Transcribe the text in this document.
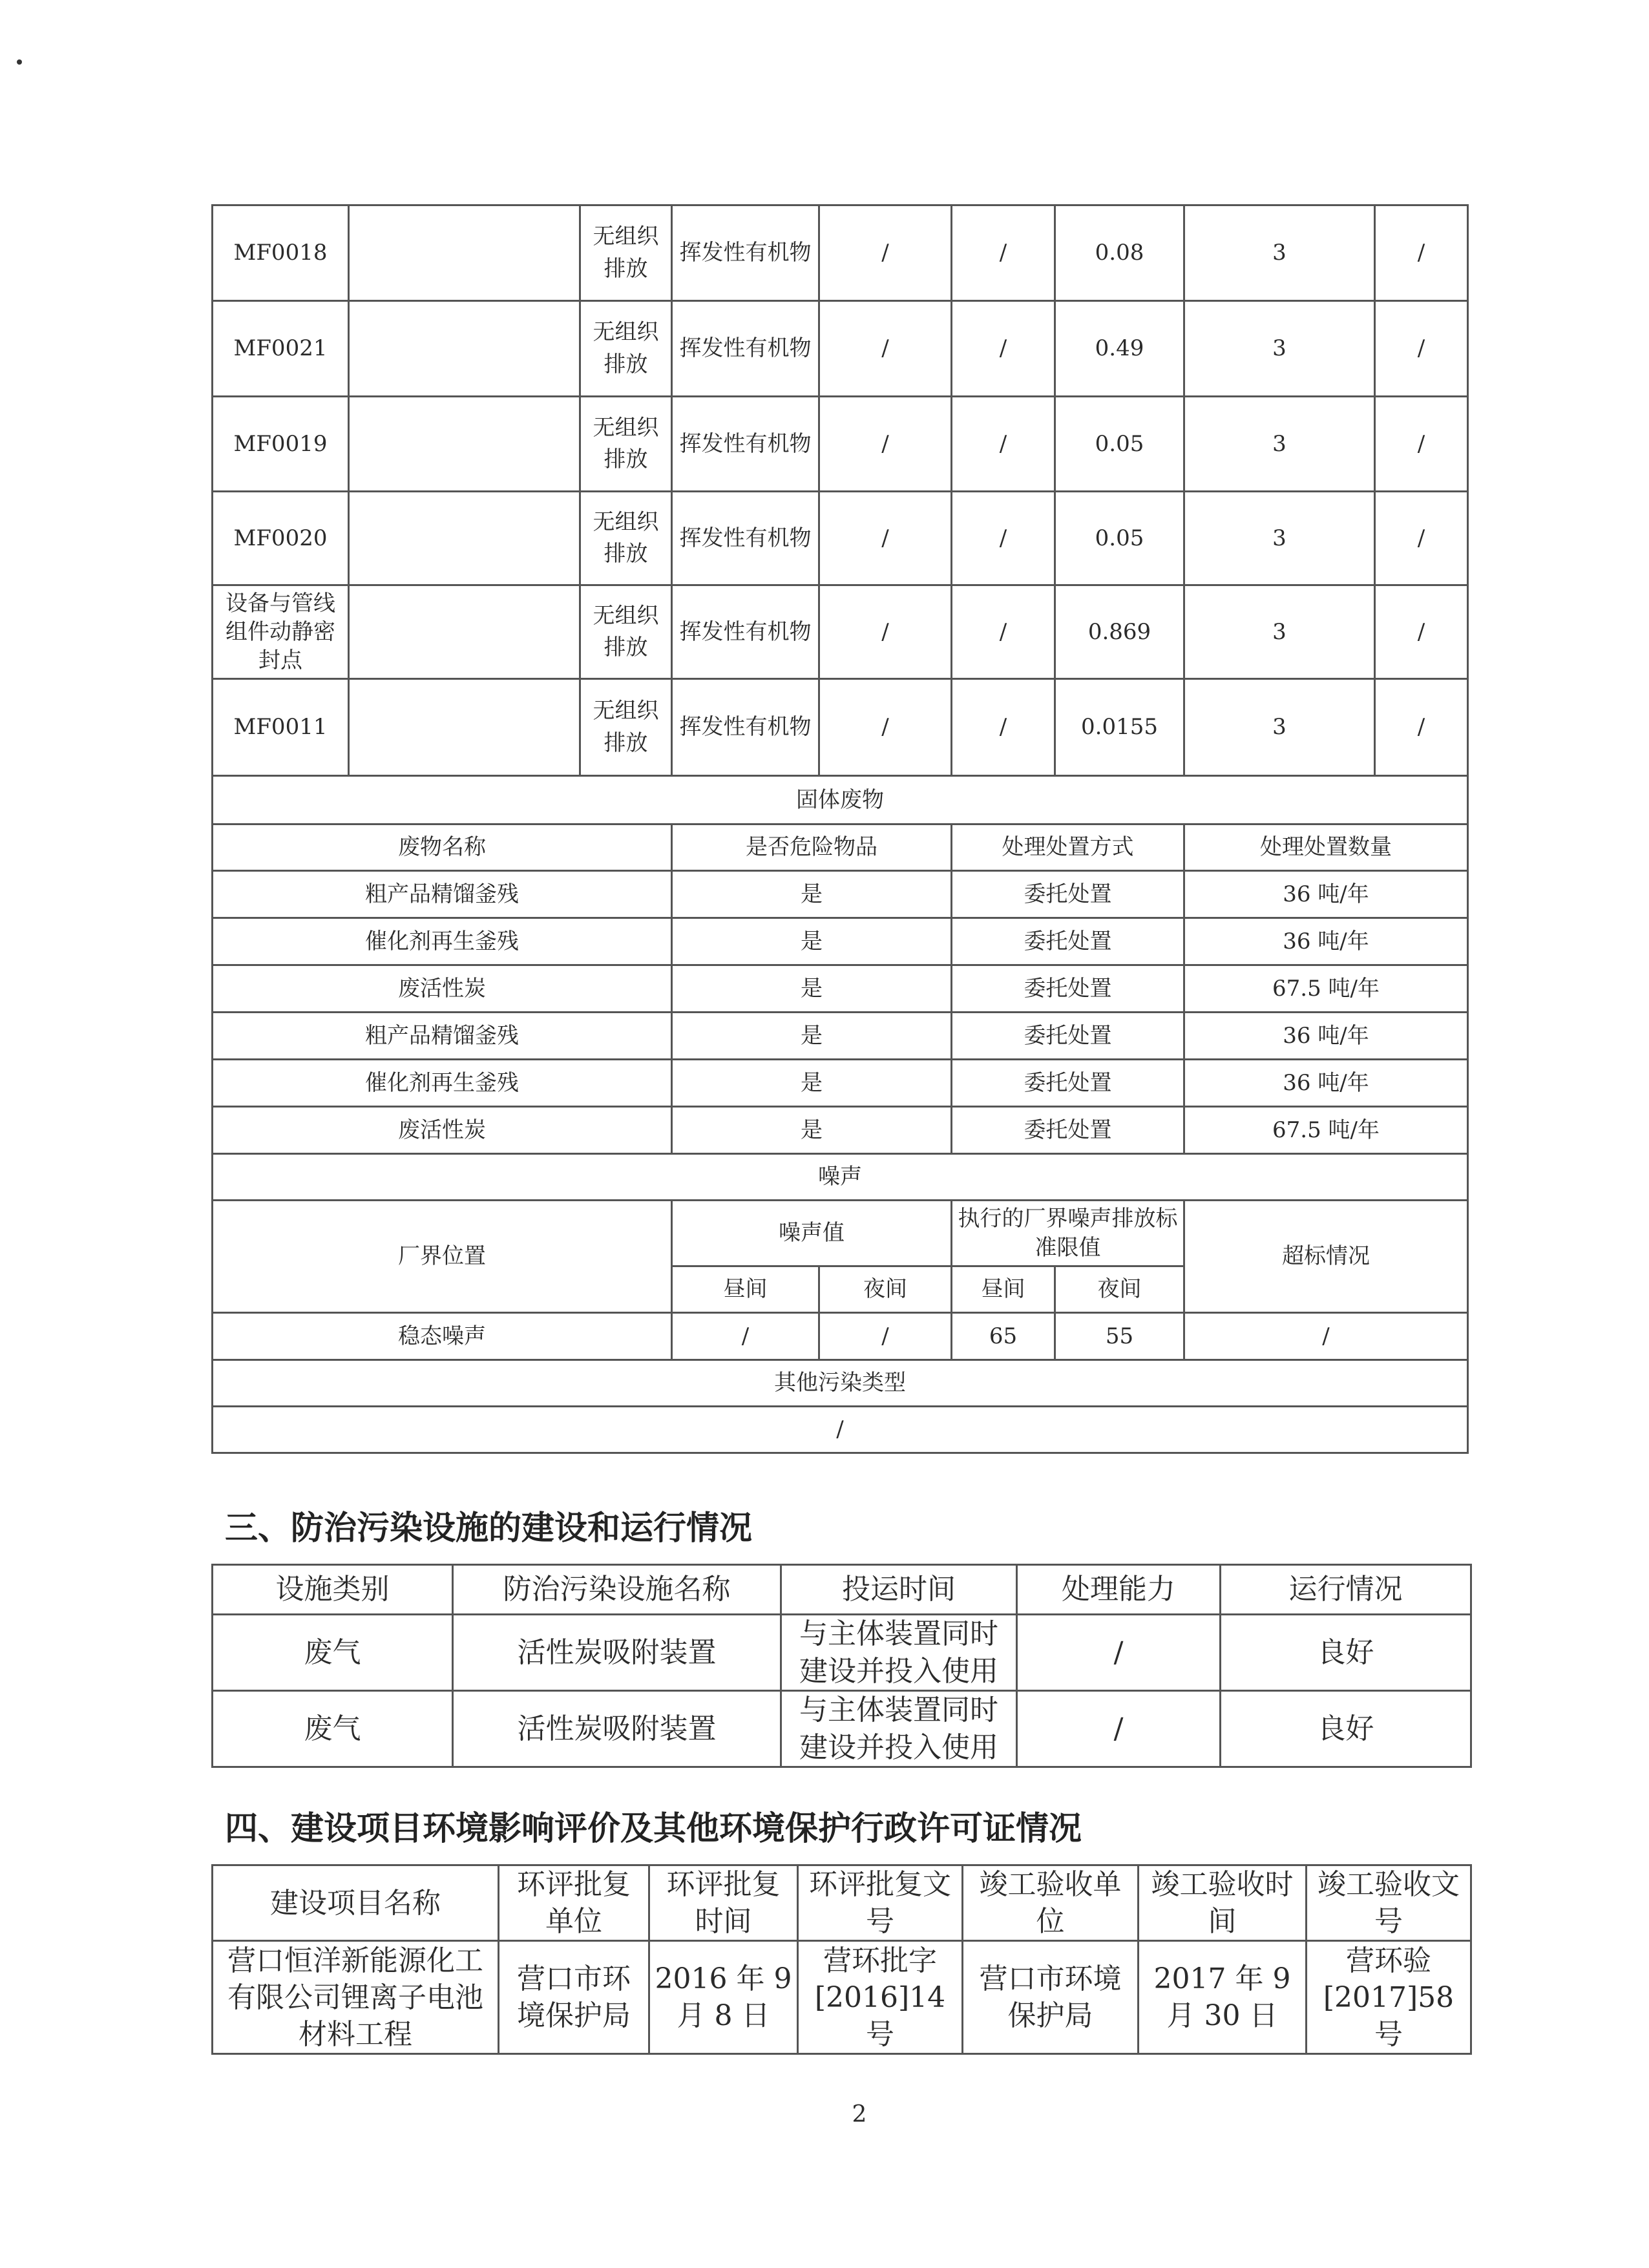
MF0018		无组织排放	挥发性有机物	/	/	0.08	3	/
MF0021		无组织排放	挥发性有机物	/	/	0.49	3	/
MF0019		无组织排放	挥发性有机物	/	/	0.05	3	/
MF0020		无组织排放	挥发性有机物	/	/	0.05	3	/
设备与管线组件动静密封点		无组织排放	挥发性有机物	/	/	0.869	3	/
MF0011		无组织排放	挥发性有机物	/	/	0.0155	3	/
固体废物								
废物名称			是否危险物品		处理处置方式		处理处置数量	
粗产品精馏釜残			是		委托处置		36 吨/年	
催化剂再生釜残			是		委托处置		36 吨/年	
废活性炭			是		委托处置		67.5 吨/年	
粗产品精馏釜残			是		委托处置		36 吨/年	
催化剂再生釜残			是		委托处置		36 吨/年	
废活性炭			是		委托处置		67.5 吨/年	
噪声								
厂界位置			噪声值		执行的厂界噪声排放标准限值		超标情况	
			昼间	夜间	昼间	夜间		
稳态噪声			/	/	65	55	/	
其他污染类型								
/								
三、防治污染设施的建设和运行情况
设施类别	防治污染设施名称	投运时间	处理能力	运行情况
废气	活性炭吸附装置	与主体装置同时建设并投入使用	/	良好
废气	活性炭吸附装置	与主体装置同时建设并投入使用	/	良好
四、建设项目环境影响评价及其他环境保护行政许可证情况
建设项目名称	环评批复单位	环评批复时间	环评批复文号	竣工验收单位	竣工验收时间	竣工验收文号
营口恒洋新能源化工有限公司锂离子电池材料工程	营口市环境保护局	2016 年 9 月 8 日	营环批字[2016]14 号	营口市环境保护局	2017 年 9 月 30 日	营环验[2017]58 号
2
